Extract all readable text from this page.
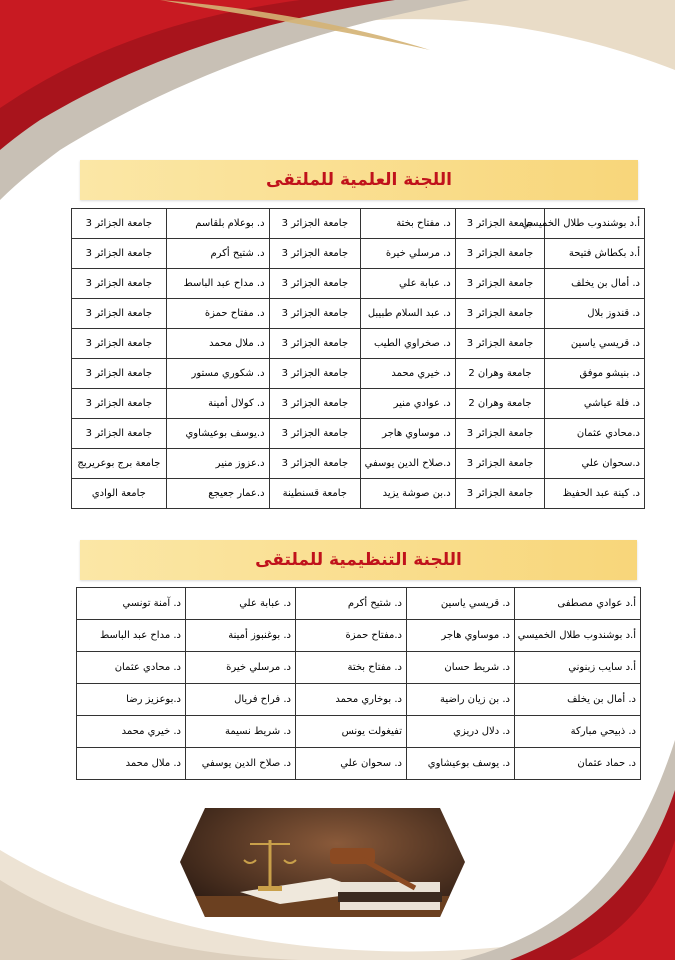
اللجنة العلمية للملتقى
أ.د بوشندوب طلال الخميسي	جامعة الجزائر 3	د. مفتاح بختة	جامعة الجزائر 3	د. بوعلام بلقاسم	جامعة الجزائر 3
أ.د بكطاش فتيحة	جامعة الجزائر 3	د. مرسلي خيرة	جامعة الجزائر 3	د. شتيح أكرم	جامعة الجزائر 3
د. أمال بن يخلف	جامعة الجزائر 3	د. عبابة علي	جامعة الجزائر 3	د. مداح عبد الباسط	جامعة الجزائر 3
د. قندوز بلال	جامعة الجزائر 3	د. عبد السلام طبيبل	جامعة الجزائر 3	د. مفتاح حمزة	جامعة الجزائر 3
د. قريسي ياسين	جامعة الجزائر 3	د. صخراوي الطيب	جامعة الجزائر 3	د. ملال محمد	جامعة الجزائر 3
د. بنيشو موفق	جامعة وهران 2	د. خيري محمد	جامعة الجزائر 3	د. شكوري مستور	جامعة الجزائر 3
د. فلة عياشي	جامعة وهران 2	د. عوادي منير	جامعة الجزائر 3	د. كولال أمينة	جامعة الجزائر 3
د.محادي عثمان	جامعة الجزائر 3	د. موساوي هاجر	جامعة الجزائر 3	د.يوسف بوعيشاوي	جامعة الجزائر 3
د.سحوان علي	جامعة الجزائر 3	د.صلاح الدين يوسفي	جامعة الجزائر 3	د.عزوز منير	جامعة برج بوعريريج
د. كينة عبد الحفيظ	جامعة الجزائر 3	د.بن صوشة يزيد	جامعة قسنطينة	د.عمار جعيجع	جامعة الوادي
اللجنة التنظيمية للملتقى
أ.د عوادي مصطفى	د. قريسي ياسين	د. شتيح أكرم	د. عبابة علي	د. آمنة تونسي
أ.د بوشندوب طلال الخميسي	د. موساوي هاجر	د.مفتاح حمزة	د. بوغنبوز أمينة	د. مداح عبد الباسط
أ.د سايب زبنوني	د. شريط حسان	د. مفتاح بختة	د. مرسلي خيرة	د. محادي عثمان
د. أمال بن يخلف	د. بن زيان راضية	د. بوخاري محمد	د. فراح فريال	د.بوعزيز رضا
د. ذبيحي مباركة	د. دلال دريزي	تفيغولت يونس	د. شريط نسيمة	د. خيري محمد
د. حماد عثمان	د. يوسف بوعيشاوي	د. سحوان علي	د. صلاح الدين يوسفي	د. ملال محمد
